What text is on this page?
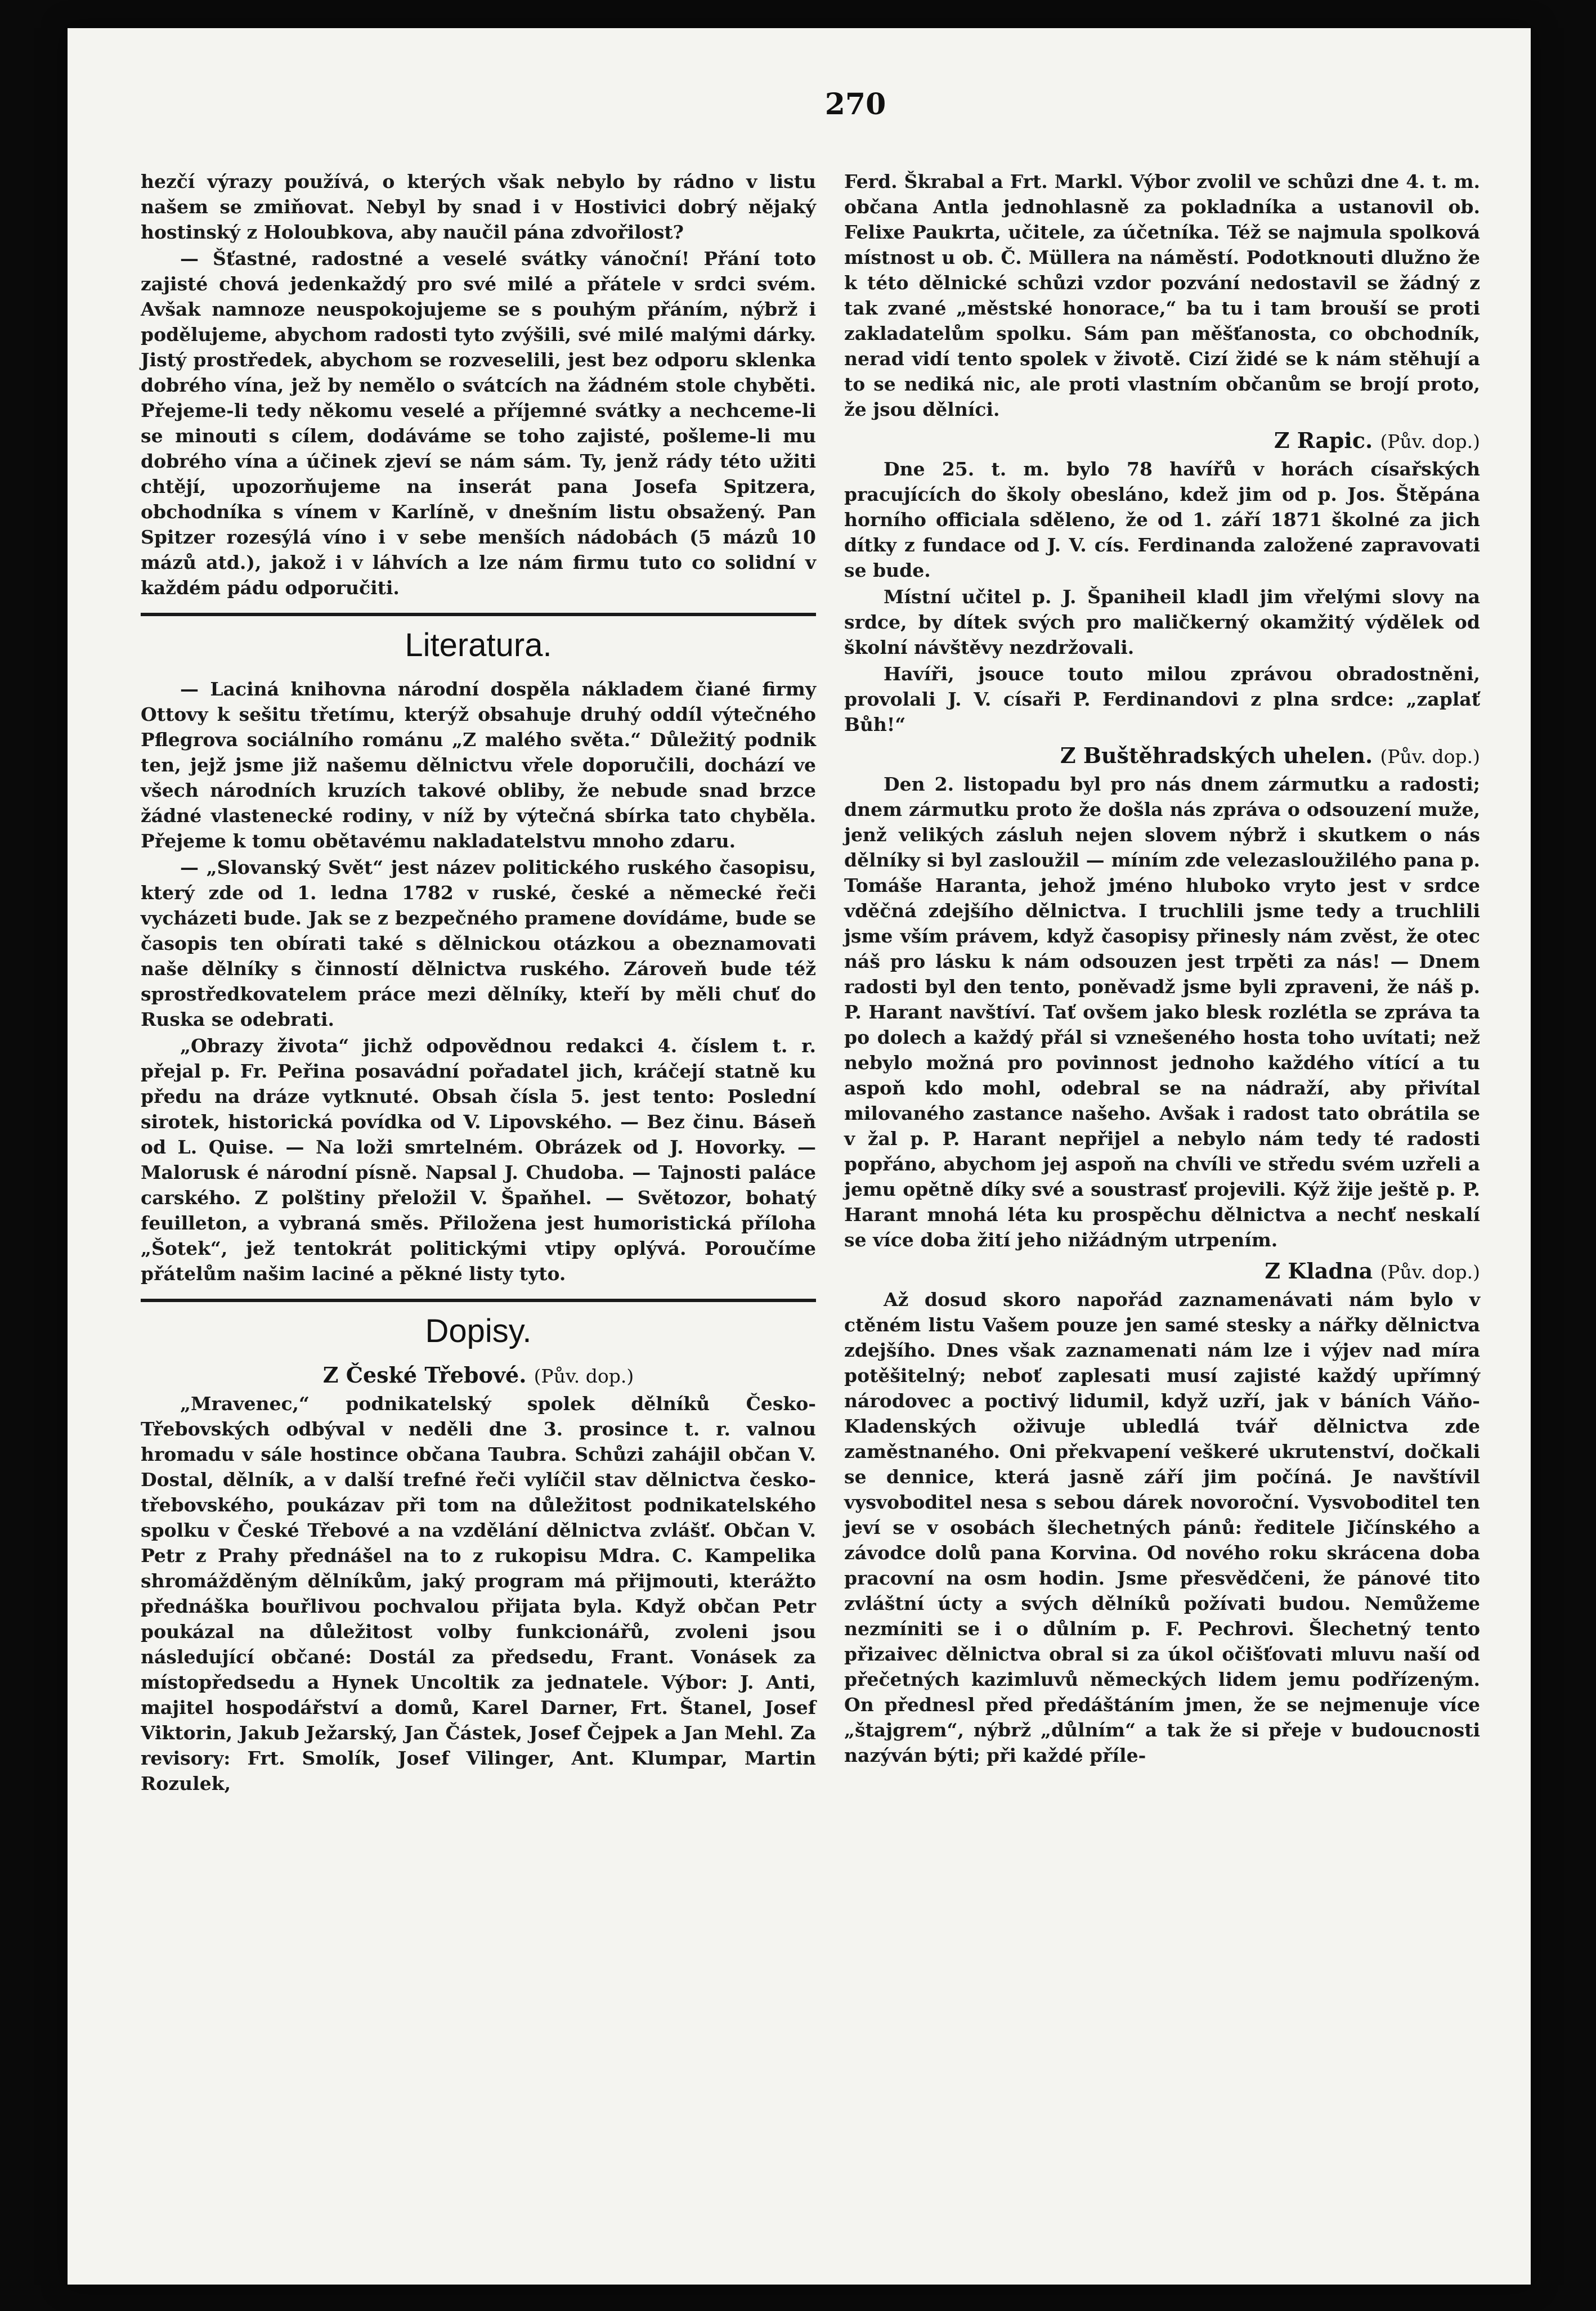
270

hezčí výrazy používá, o kterých však nebylo by rádno v listu našem se zmiňovat. Nebyl by snad i v Hostivici dobrý nějaký hostinský z Holoubkova, aby naučil pána zdvořilost?

— Šťastné, radostné a veselé svátky vánoční! Přání toto zajisté chová jedenkaždý pro své milé a přátele v srdci svém. Avšak namnoze neuspokojujeme se s pouhým přáním, nýbrž i podělujeme, abychom radosti tyto zvýšili, své milé malými dárky. Jistý prostředek, abychom se rozveselili, jest bez odporu sklenka dobrého vína, jež by nemělo o svátcích na žádném stole chyběti. Přejeme-li tedy někomu veselé a příjemné svátky a nechceme-li se minouti s cílem, dodáváme se toho zajisté, pošleme-li mu dobrého vína a účinek zjeví se nám sám. Ty, jenž rády této užiti chtějí, upozorňujeme na inserát pana Josefa Spitzera, obchodníka s vínem v Karlíně, v dnešním listu obsažený. Pan Spitzer rozesýlá víno i v sebe menších nádobách (5 mázů 10 mázů atd.), jakož i v láhvích a lze nám firmu tuto co solidní v každém pádu odporučiti.

Literatura.

— Laciná knihovna národní dospěla nákladem čiané firmy Ottovy k sešitu třetímu, kterýž obsahuje druhý oddíl výtečného Pflegrova sociálního románu „Z malého světa.“ Důležitý podnik ten, jejž jsme již našemu dělnictvu vřele doporučili, dochází ve všech národních kruzích takové obliby, že nebude snad brzce žádné vlastenecké rodiny, v níž by výtečná sbírka tato chyběla. Přejeme k tomu obětavému nakladatelstvu mnoho zdaru.

— „Slovanský Svět“ jest název politického ruského časopisu, který zde od 1. ledna 1782 v ruské, české a německé řeči vycházeti bude. Jak se z bezpečného pramene dovídáme, bude se časopis ten obírati také s dělnickou otázkou a obeznamovati naše dělníky s činností dělnictva ruského. Zároveň bude též sprostředkovatelem práce mezi dělníky, kteří by měli chuť do Ruska se odebrati.

„Obrazy života“ jichž odpovědnou redakci 4. číslem t. r. přejal p. Fr. Peřina posavádní pořadatel jich, kráčejí statně ku předu na dráze vytknuté. Obsah čísla 5. jest tento: Poslední sirotek, historická povídka od V. Lipovského. — Bez činu. Báseň od L. Quise. — Na loži smrtelném. Obrázek od J. Hovorky. — Malorusk é národní písně. Napsal J. Chudoba. — Tajnosti paláce carského. Z polštiny přeložil V. Špaňhel. — Světozor, bohatý feuilleton, a vybraná směs. Přiložena jest humoristická příloha „Šotek“, jež tentokrát politickými vtipy oplývá. Poroučíme přátelům našim laciné a pěkné listy tyto.

Dopisy.
Z České Třebové. (Pův. dop.)

„Mravenec,“ podnikatelský spolek dělníků Česko-Třebovských odbýval v neděli dne 3. prosince t. r. valnou hromadu v sále hostince občana Taubra. Schůzi zahájil občan V. Dostal, dělník, a v další trefné řeči vylíčil stav dělnictva česko-třebovského, poukázav při tom na důležitost podnikatelského spolku v České Třebové a na vzdělání dělnictva zvlášť. Občan V. Petr z Prahy přednášel na to z rukopisu Mdra. C. Kampelika shromážděným dělníkům, jaký program má přijmouti, kterážto přednáška bouřlivou pochvalou přijata byla. Když občan Petr poukázal na důležitost volby funkcionářů, zvoleni jsou následující občané: Dostál za předsedu, Frant. Vonásek za místopředsedu a Hynek Uncoltik za jednatele. Výbor: J. Anti, majitel hospodářství a domů, Karel Darner, Frt. Štanel, Josef Viktorin, Jakub Ježarský, Jan Částek, Josef Čejpek a Jan Mehl. Za revisory: Frt. Smolík, Josef Vilinger, Ant. Klumpar, Martin Rozulek,

Ferd. Škrabal a Frt. Markl. Výbor zvolil ve schůzi dne 4. t. m. občana Antla jednohlasně za pokladníka a ustanovil ob. Felixe Paukrta, učitele, za účetníka. Též se najmula spolková místnost u ob. Č. Müllera na náměstí. Podotknouti dlužno že k této dělnické schůzi vzdor pozvání nedostavil se žádný z tak zvané „městské honorace,“ ba tu i tam brouší se proti zakladatelům spolku. Sám pan měšťanosta, co obchodník, nerad vidí tento spolek v životě. Cizí židé se k nám stěhují a to se nediká nic, ale proti vlastním občanům se brojí proto, že jsou dělníci.

Z Rapic. (Pův. dop.)

Dne 25. t. m. bylo 78 havířů v horách císařských pracujících do školy obesláno, kdež jim od p. Jos. Štěpána horního officiala sděleno, že od 1. září 1871 školné za jich dítky z fundace od J. V. cís. Ferdinanda založené zapravovati se bude.

Místní učitel p. J. Španiheil kladl jim vřelými slovy na srdce, by dítek svých pro maličkerný okamžitý výdělek od školní návštěvy nezdržovali.

Havíři, jsouce touto milou zprávou obradostněni, provolali J. V. císaři P. Ferdinandovi z plna srdce: „zaplať Bůh!“

Z Buštěhradských uhelen. (Pův. dop.)

Den 2. listopadu byl pro nás dnem zármutku a radosti; dnem zármutku proto že došla nás zpráva o odsouzení muže, jenž velikých zásluh nejen slovem nýbrž i skutkem o nás dělníky si byl zasloužil — míním zde velezasloužilého pana p. Tomáše Haranta, jehož jméno hluboko vryto jest v srdce vděčná zdejšího dělnictva. I truchlili jsme tedy a truchlili jsme vším právem, když časopisy přinesly nám zvěst, že otec náš pro lásku k nám odsouzen jest trpěti za nás! — Dnem radosti byl den tento, poněvadž jsme byli zpraveni, že náš p. P. Harant navštíví. Tať ovšem jako blesk rozlétla se zpráva ta po dolech a každý přál si vznešeného hosta toho uvítati; než nebylo možná pro povinnost jednoho každého vítící a tu aspoň kdo mohl, odebral se na nádraží, aby přivítal milovaného zastance našeho. Avšak i radost tato obrátila se v žal p. P. Harant nepřijel a nebylo nám tedy té radosti popřáno, abychom jej aspoň na chvíli ve středu svém uzřeli a jemu opětně díky své a soustrasť projevili. Kýž žije ještě p. P. Harant mnohá léta ku prospěchu dělnictva a nechť neskalí se více doba žití jeho nižádným utrpením.

Z Kladna (Pův. dop.)

Až dosud skoro napořád zaznamenávati nám bylo v ctěném listu Vašem pouze jen samé stesky a nářky dělnictva zdejšího. Dnes však zaznamenati nám lze i výjev nad míra potěšitelný; neboť zaplesati musí zajisté každý upřímný národovec a poctivý lidumil, když uzří, jak v báních Váňo-Kladenských oživuje ubledlá tvář dělnictva zde zaměstnaného. Oni překvapení veškeré ukrutenství, dočkali se dennice, která jasně září jim počíná. Je navštívil vysvoboditel nesa s sebou dárek novoroční. Vysvoboditel ten jeví se v osobách šlechetných pánů: ředitele Jičínského a závodce dolů pana Korvina. Od nového roku skrácena doba pracovní na osm hodin. Jsme přesvědčeni, že pánové tito zvláštní úcty a svých dělníků požívati budou. Nemůžeme nezmíniti se i o důlním p. F. Pechrovi. Šlechetný tento přizaivec dělnictva obral si za úkol očišťovati mluvu naší od přečetných kazimluvů německých lidem jemu podřízeným. On přednesl před předáštáním jmen, že se nejmenuje více „štajgrem“, nýbrž „důlním“ a tak že si přeje v budoucnosti nazýván býti; při každé příle-
